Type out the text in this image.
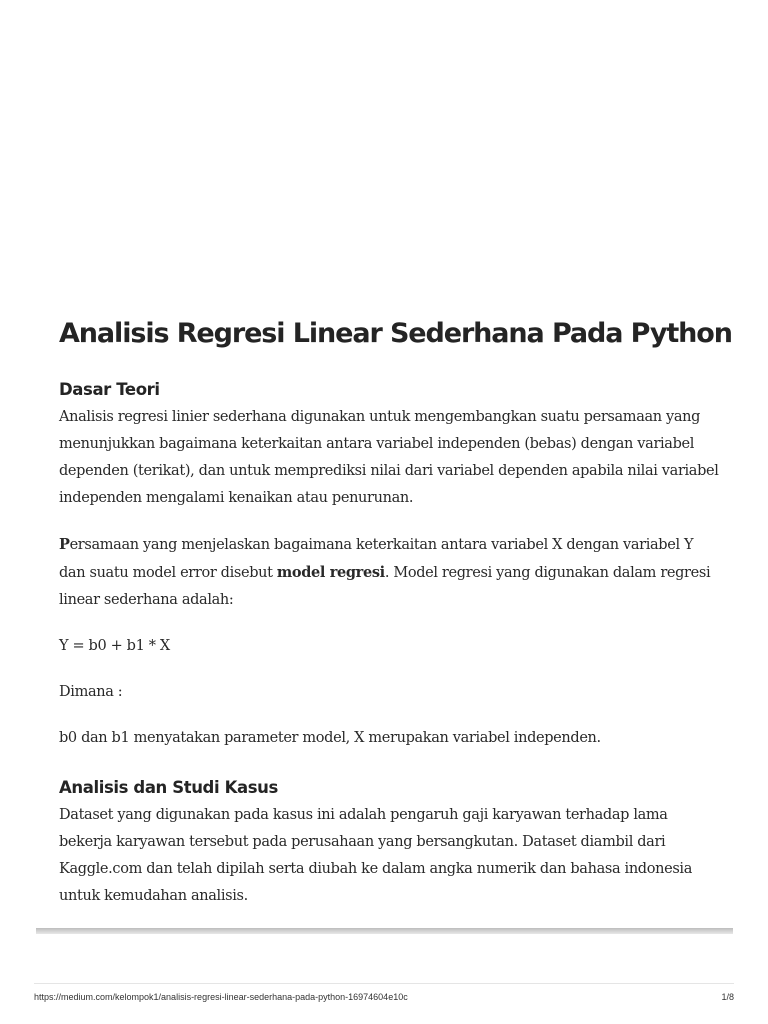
Analisis Regresi Linear Sederhana Pada Python
Dasar Teori

Analisis regresi linier sederhana digunakan untuk mengembangkan suatu persamaan yang menunjukkan bagaimana keterkaitan antara variabel independen (bebas) dengan variabel dependen (terikat), dan untuk memprediksi nilai dari variabel dependen apabila nilai variabel independen mengalami kenaikan atau penurunan.

Persamaan yang menjelaskan bagaimana keterkaitan antara variabel X dengan variabel Y dan suatu model error disebut model regresi. Model regresi yang digunakan dalam regresi linear sederhana adalah:

Y = b0 + b1 * X

Dimana :

b0 dan b1 menyatakan parameter model, X merupakan variabel independen.

Analisis dan Studi Kasus

Dataset yang digunakan pada kasus ini adalah pengaruh gaji karyawan terhadap lama bekerja karyawan tersebut pada perusahaan yang bersangkutan. Dataset diambil dari Kaggle.com dan telah dipilah serta diubah ke dalam angka numerik dan bahasa indonesia untuk kemudahan analisis.

https://medium.com/kelompok1/analisis-regresi-linear-sederhana-pada-python-16974604e10c	1/8
